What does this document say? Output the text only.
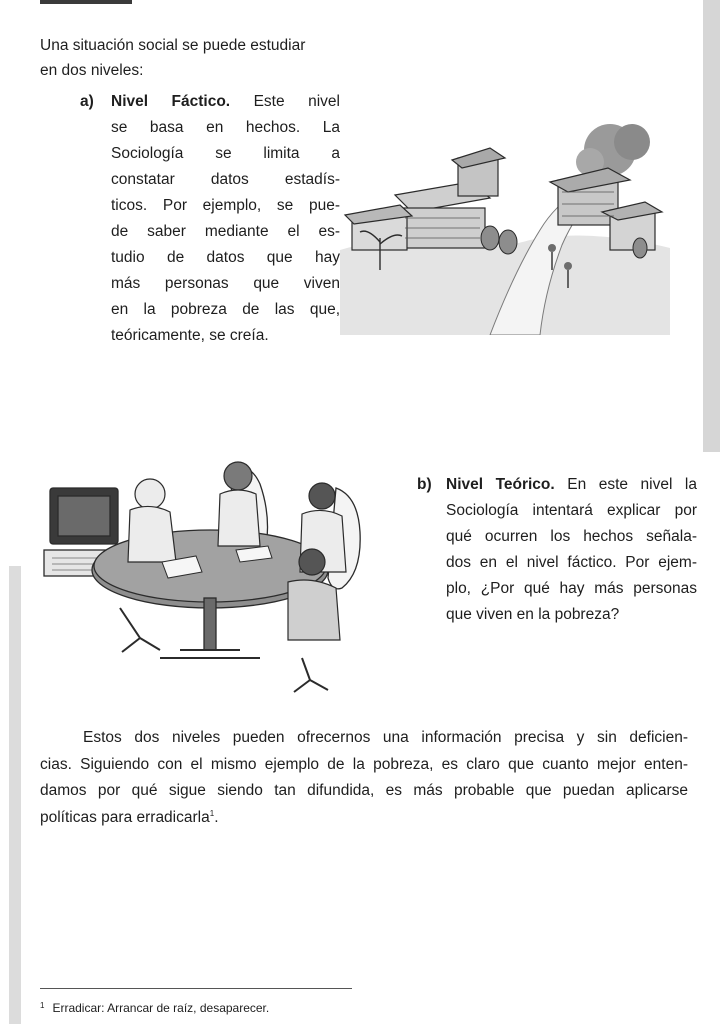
Una situación social se puede estudiar
en dos niveles:
a) Nivel Fáctico. Este nivel
se basa en hechos. La
Sociología se limita a
constatar datos estadís-
ticos. Por ejemplo, se pue-
de saber mediante el es-
tudio de datos que hay
más personas que viven
en la pobreza de las que,
teóricamente, se creía.
b) Nivel Teórico. En este nivel la
Sociología intentará explicar por
qué ocurren los hechos señala-
dos en el nivel fáctico. Por ejem-
plo, ¿Por qué hay más personas
que viven en la pobreza?
Estos dos niveles pueden ofrecernos una información precisa y sin deficien-
cias. Siguiendo con el mismo ejemplo de la pobreza, es claro que cuanto mejor enten-
damos por qué sigue siendo tan difundida, es más probable que puedan aplicarse
políticas para erradicarla$^1$.
$^1$ Erradicar: Arrancar de raíz, desaparecer.
